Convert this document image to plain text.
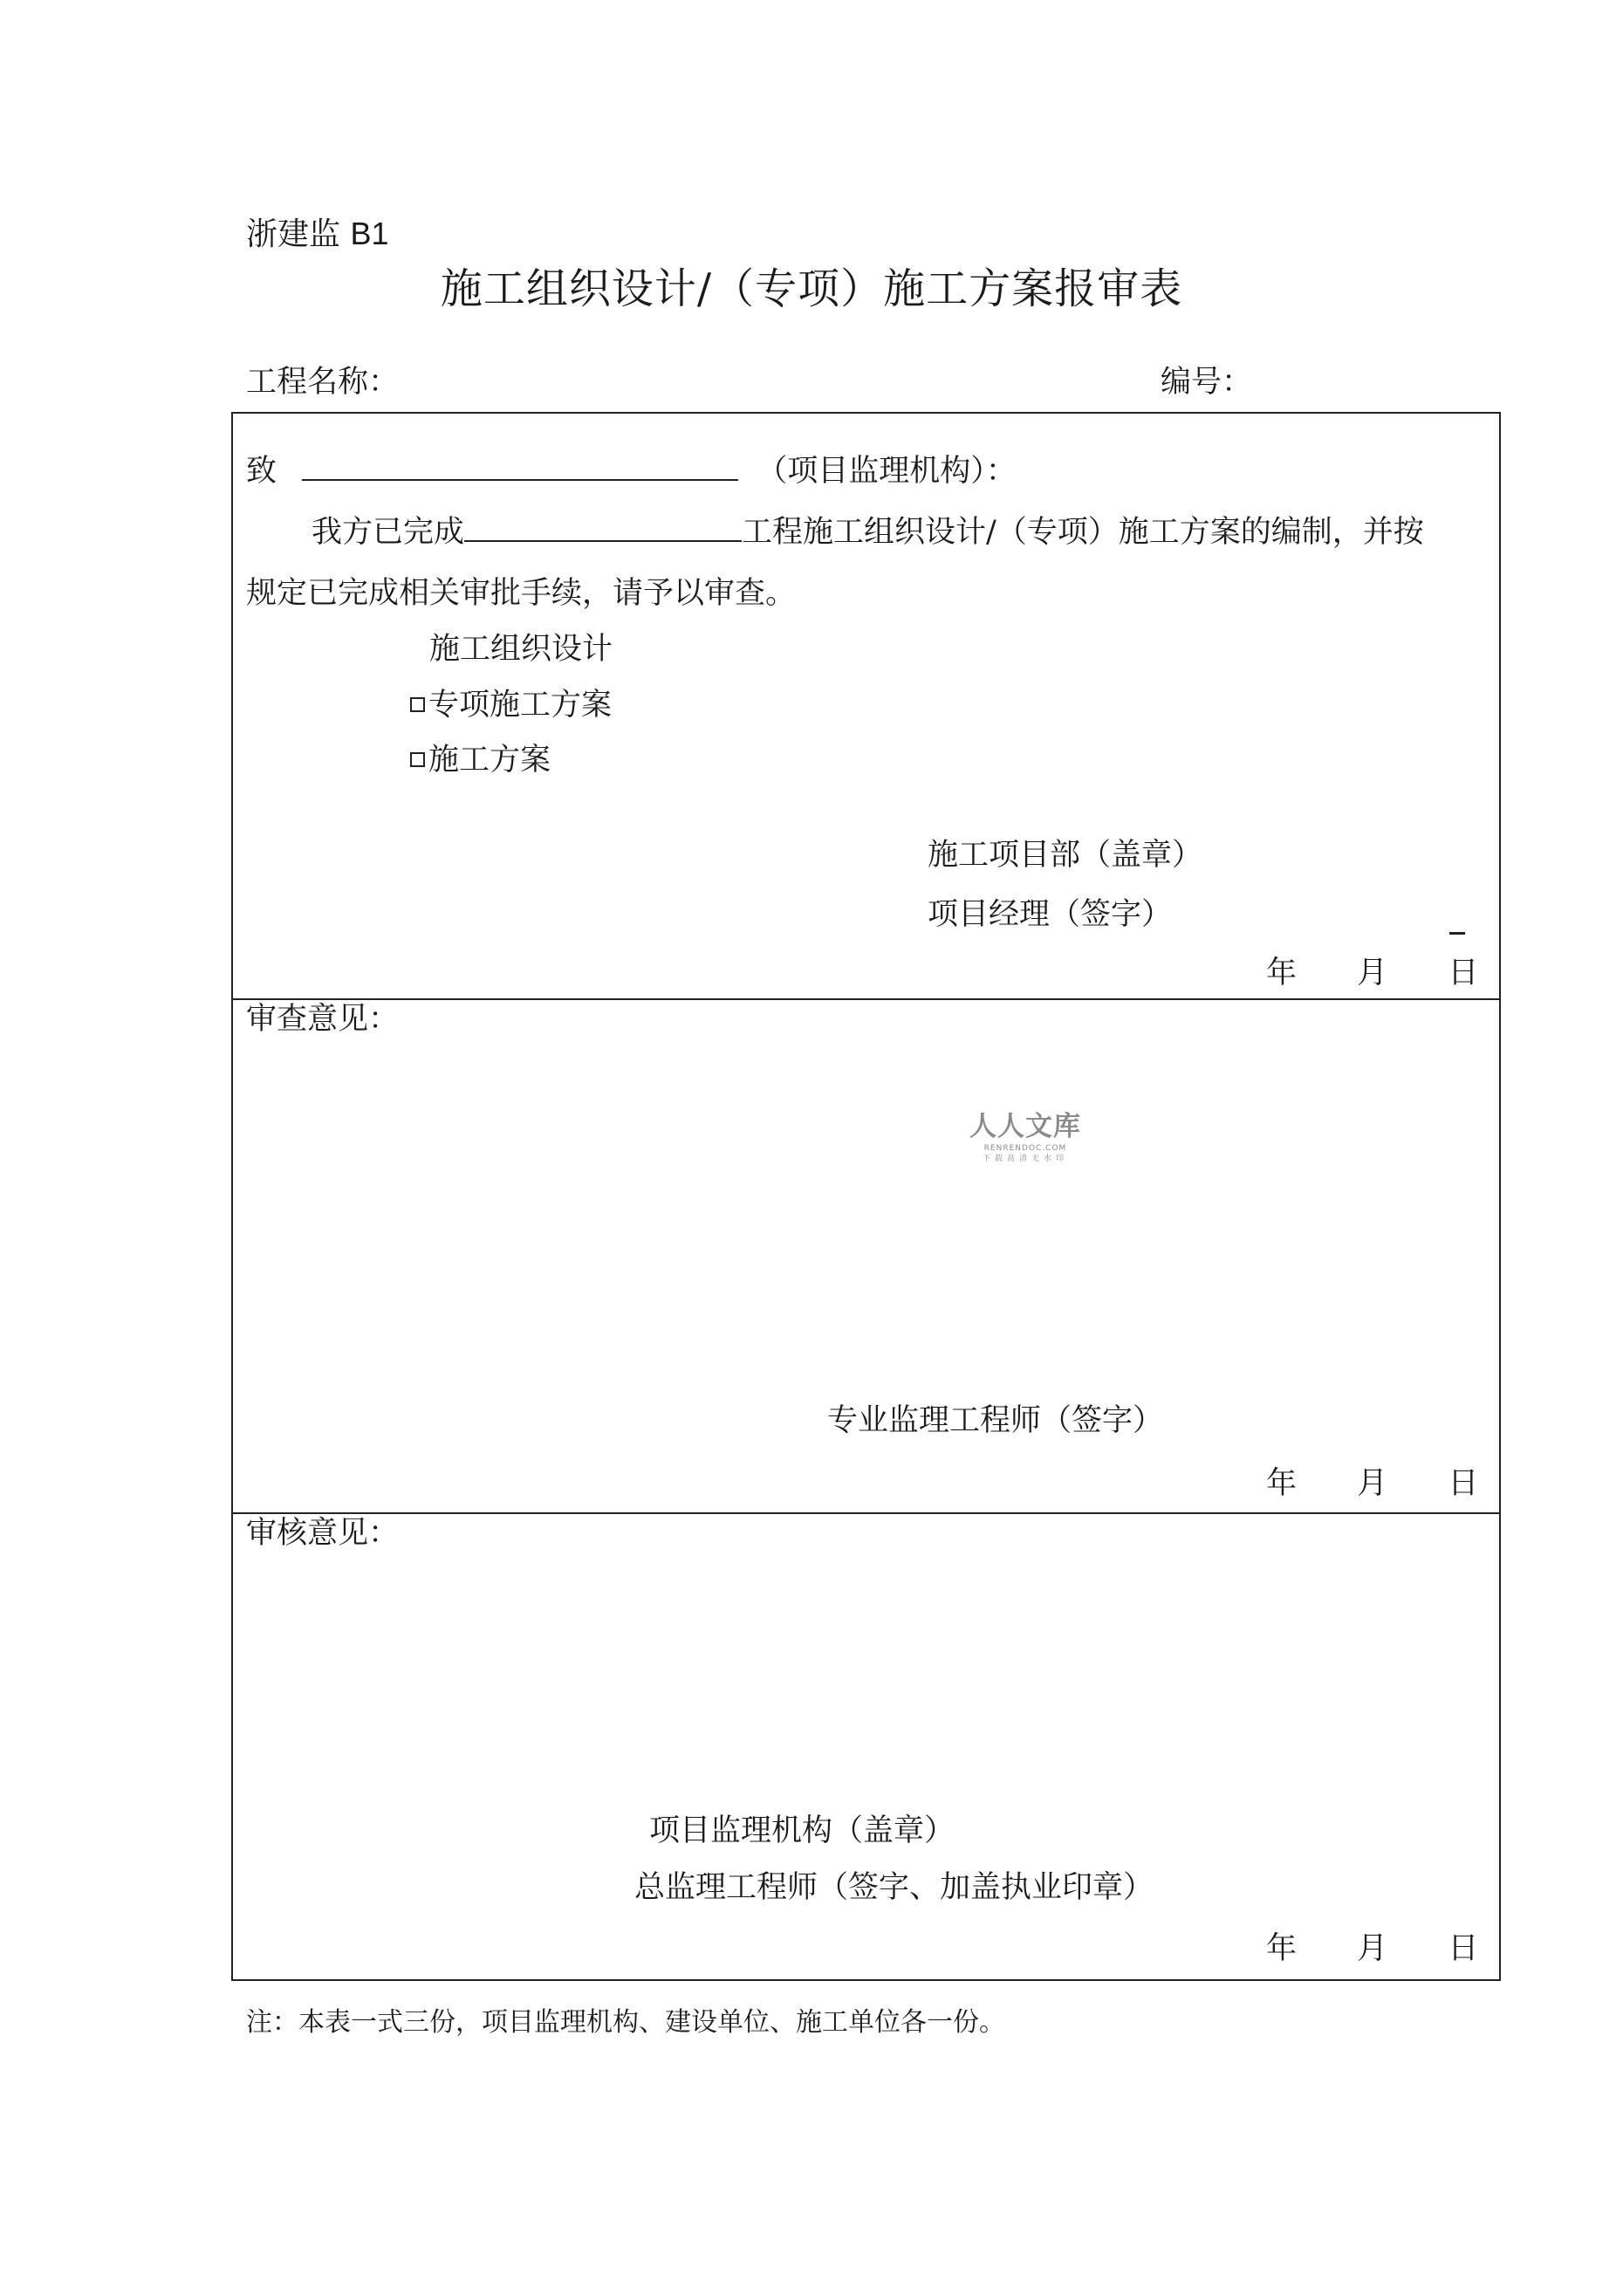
浙建监 B1
施工组织设计/（专项）施工方案报审表
工程名称：	编号：
致	（项目监理机构）：
我方已完成	工程施工组织设计/（专项）施工方案的编制，并按
规定已完成相关审批手续，请予以审查。
施工组织设计
专项施工方案
施工方案
施工项目部（盖章）
项目经理（签字）
年 月 日
审查意见：
人人文库
RENRENDOC.COM
下载高清无水印
专业监理工程师（签字）
年 月 日
审核意见：
项目监理机构（盖章）
总监理工程师（签字、加盖执业印章）
年 月 日
注：本表一式三份，项目监理机构、建设单位、施工单位各一份。
